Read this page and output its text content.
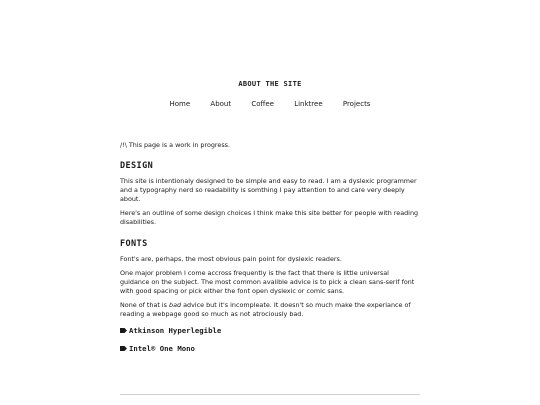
ABOUT THE SITE
Home	About	Coffee	Linktree	Projects

/!\ This page is a work in progress.

DESIGN

This site is intentionaly designed to be simple and easy to read. I am a dyslexic programmer and a typography nerd so readability is somthing I pay attention to and care very deeply about.

Here's an outline of some design choices I think make this site better for people with reading disabilities.

FONTS

Font's are, perhaps, the most obvious pain point for dyslexic readers.

One major problem I come accross frequently is the fact that there is little universal guidance on the subject. The most common avalible advice is to pick a clean sans-serif font with good spacing or pick either the font open dyslexic or comic sans.

None of that is bad advice but it's incompleate. It doesn't so much make the experiance of reading a webpage good so much as not atrociously bad.

Atkinson Hyperlegible
Intel® One Mono
